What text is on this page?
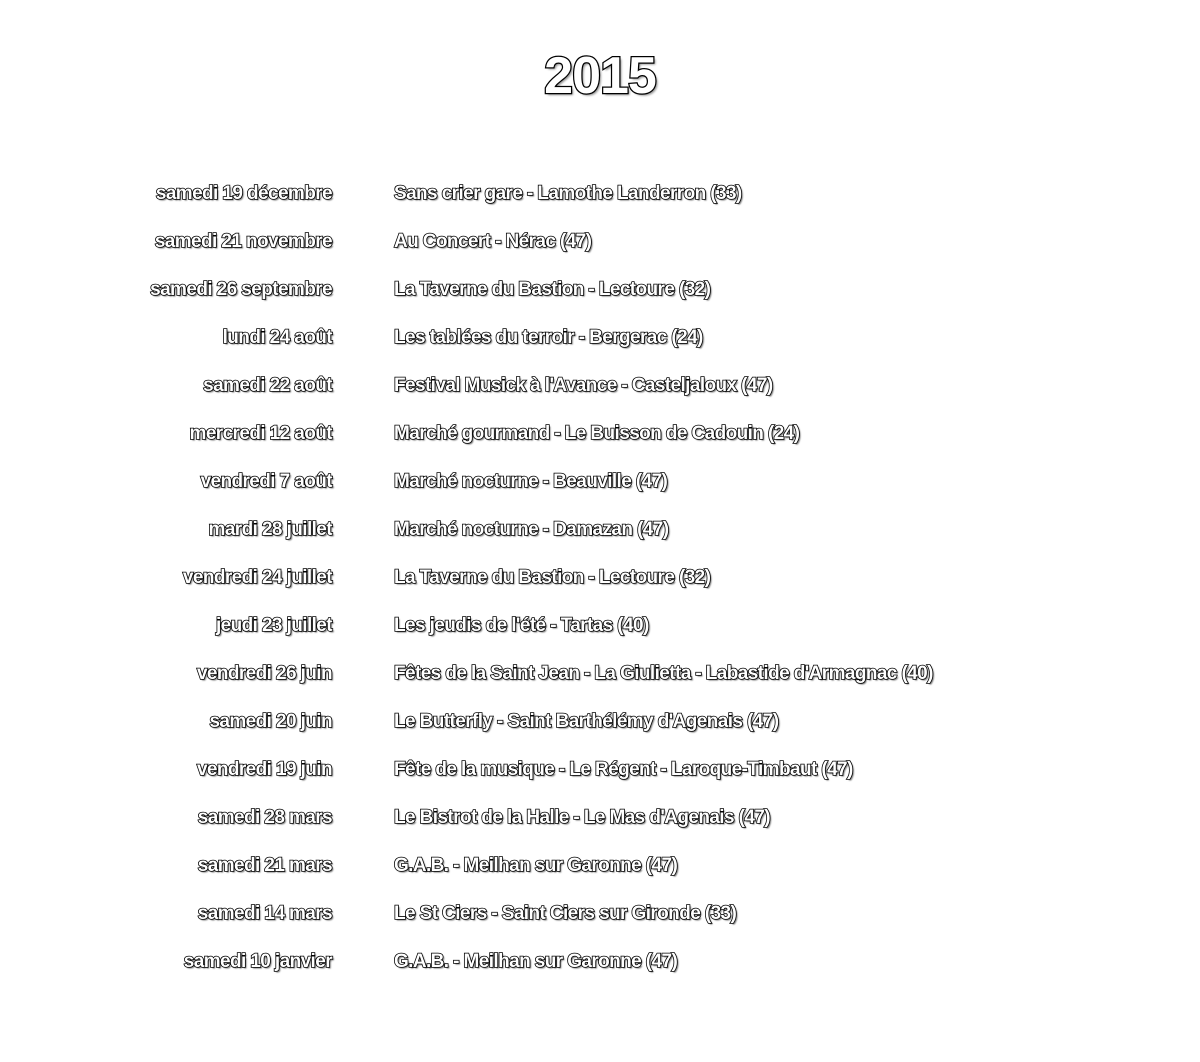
2015
samedi 19 décembre	Sans crier gare - Lamothe Landerron (33)
samedi 21 novembre	Au Concert - Nérac (47)
samedi 26 septembre	La Taverne du Bastion - Lectoure (32)
lundi 24 août	Les tablées du terroir - Bergerac (24)
samedi 22 août	Festival Musick à l'Avance - Casteljaloux (47)
mercredi 12 août	Marché gourmand - Le Buisson de Cadouin (24)
vendredi 7 août	Marché nocturne - Beauville (47)
mardi 28 juillet	Marché nocturne - Damazan (47)
vendredi 24 juillet	La Taverne du Bastion - Lectoure (32)
jeudi 23 juillet	Les jeudis de l'été - Tartas (40)
vendredi 26 juin	Fêtes de la Saint Jean - La Giulietta - Labastide d'Armagnac (40)
samedi 20 juin	Le Butterfly - Saint Barthélémy d'Agenais (47)
vendredi 19 juin	Fête de la musique - Le Régent - Laroque-Timbaut (47)
samedi 28 mars	Le Bistrot de la Halle - Le Mas d'Agenais (47)
samedi 21 mars	G.A.B. - Meilhan sur Garonne (47)
samedi 14 mars	Le St Ciers - Saint Ciers sur Gironde (33)
samedi 10 janvier	G.A.B. - Meilhan sur Garonne (47)
